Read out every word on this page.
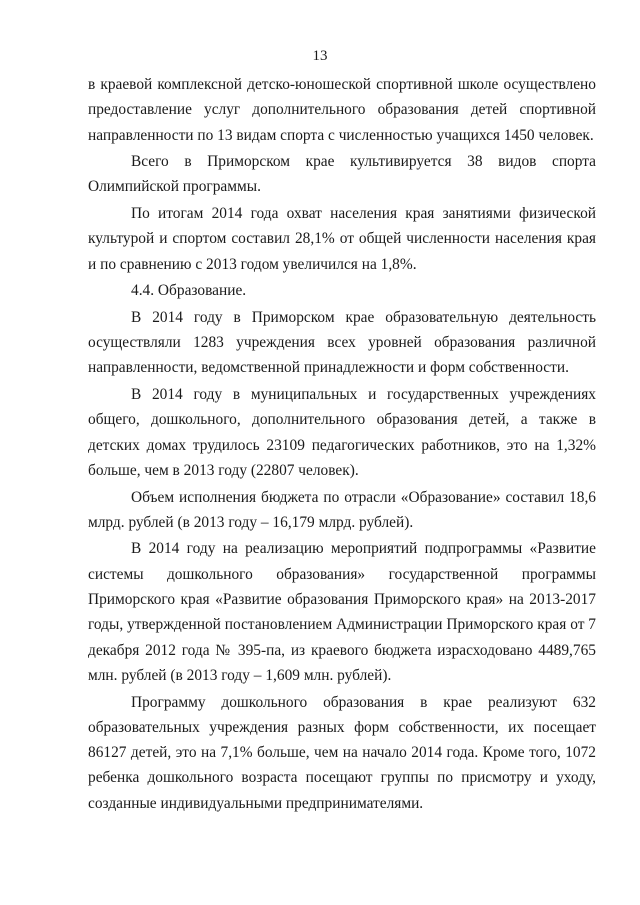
13

в краевой комплексной детско-юношеской спортивной школе осуществлено предоставление услуг дополнительного образования детей спортивной направленности по 13 видам спорта с численностью учащихся 1450 человек.

Всего в Приморском крае культивируется 38 видов спорта Олимпийской программы.

По итогам 2014 года охват населения края занятиями физической культурой и спортом составил 28,1% от общей численности населения края и по сравнению с 2013 годом увеличился на 1,8%.

4.4. Образование.

В 2014 году в Приморском крае образовательную деятельность осуществляли 1283 учреждения всех уровней образования различной направленности, ведомственной принадлежности и форм собственности.

В 2014 году в муниципальных и государственных учреждениях общего, дошкольного, дополнительного образования детей, а также в детских домах трудилось 23109 педагогических работников, это на 1,32% больше, чем в 2013 году (22807 человек).

Объем исполнения бюджета по отрасли «Образование» составил 18,6 млрд. рублей (в 2013 году – 16,179 млрд. рублей).

В 2014 году на реализацию мероприятий подпрограммы «Развитие системы дошкольного образования» государственной программы Приморского края «Развитие образования Приморского края» на 2013-2017 годы, утвержденной постановлением Администрации Приморского края от 7 декабря 2012 года № 395-па, из краевого бюджета израсходовано 4489,765 млн. рублей (в 2013 году – 1,609 млн. рублей).

Программу дошкольного образования в крае реализуют 632 образовательных учреждения разных форм собственности, их посещает 86127 детей, это на 7,1% больше, чем на начало 2014 года. Кроме того, 1072 ребенка дошкольного возраста посещают группы по присмотру и уходу, созданные индивидуальными предпринимателями.
